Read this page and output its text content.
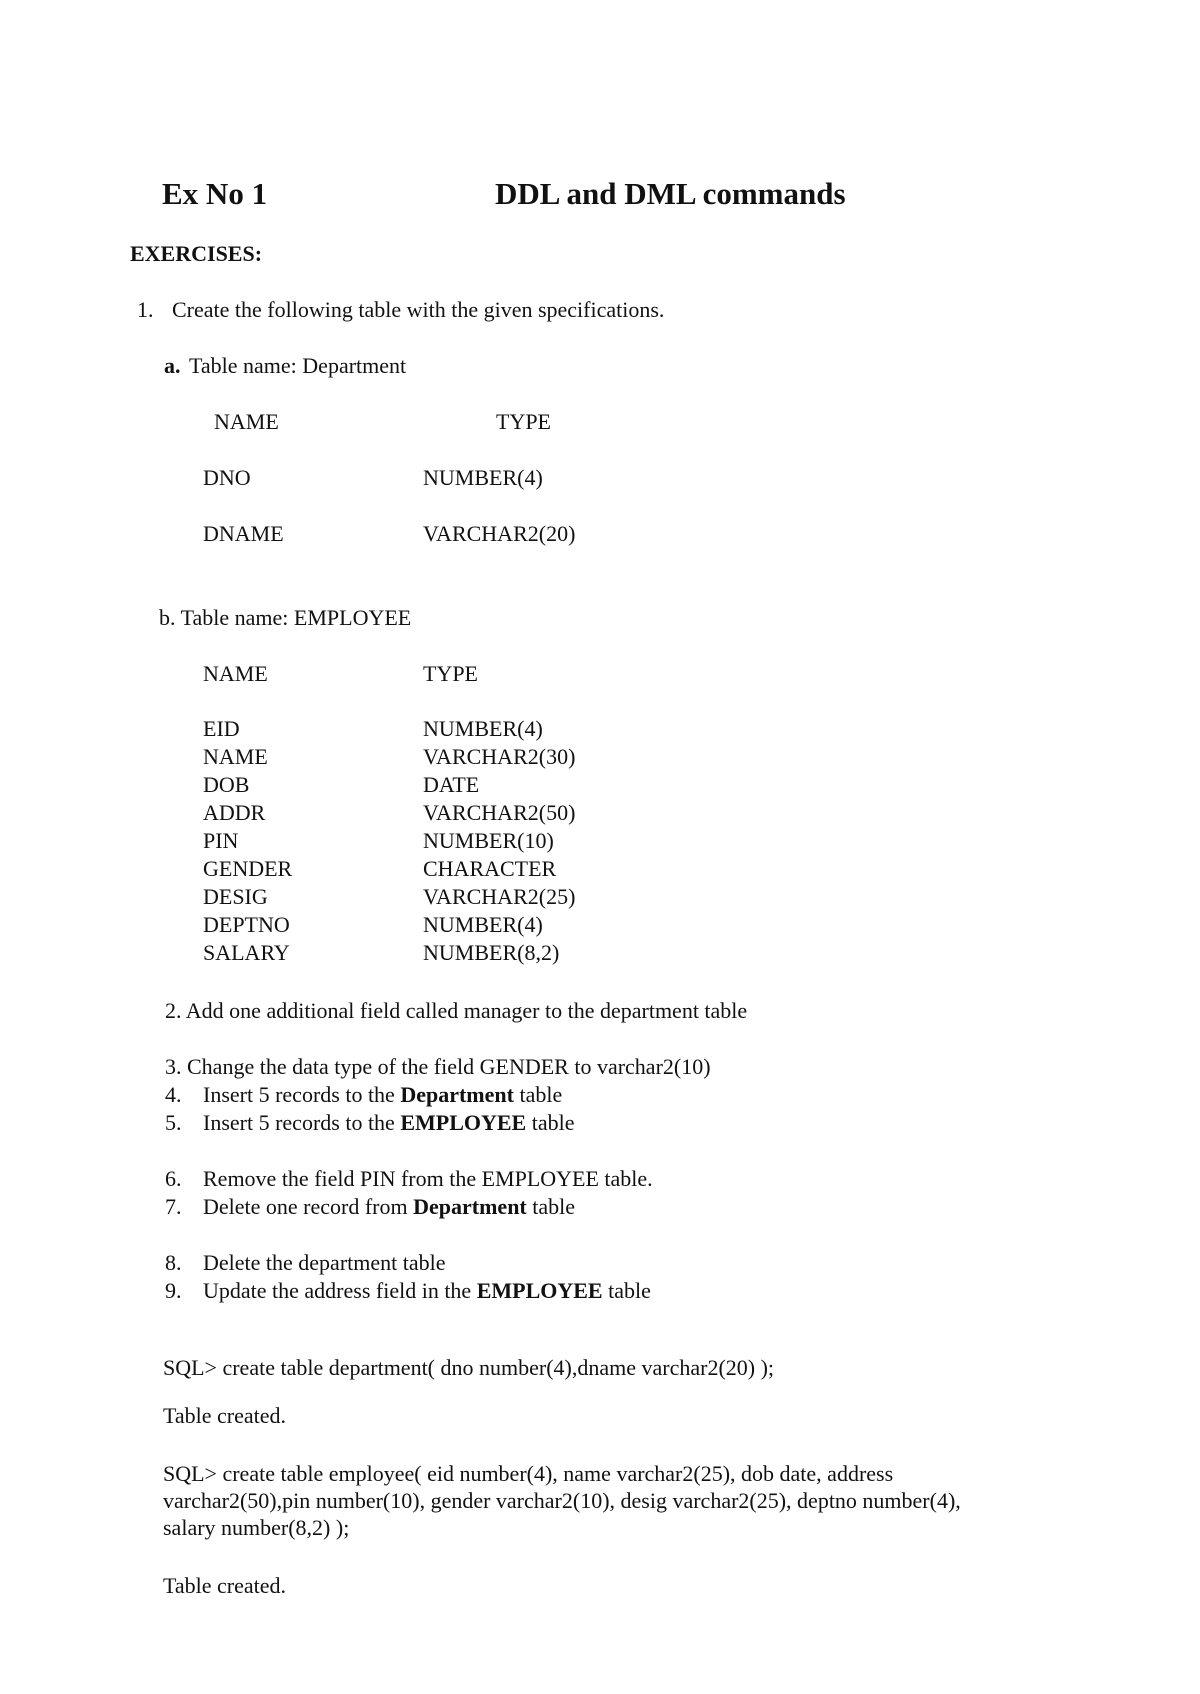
Ex No 1	DDL and DML commands
EXERCISES:
1. Create the following table with the given specifications.
a. Table name: Department
NAME	TYPE
DNO	NUMBER(4)
DNAME	VARCHAR2(20)
b. Table name: EMPLOYEE
NAME	TYPE
EID	NUMBER(4)
NAME	VARCHAR2(30)
DOB	DATE
ADDR	VARCHAR2(50)
PIN	NUMBER(10)
GENDER	CHARACTER
DESIG	VARCHAR2(25)
DEPTNO	NUMBER(4)
SALARY	NUMBER(8,2)
2. Add one additional field called manager to the department table
3. Change the data type of the field GENDER to varchar2(10)
4. Insert 5 records to the Department table
5. Insert 5 records to the EMPLOYEE table
6. Remove the field PIN from the EMPLOYEE table.
7. Delete one record from Department table
8. Delete the department table
9. Update the address field in the EMPLOYEE table
SQL> create table department( dno number(4),dname varchar2(20) );
Table created.
SQL> create table employee( eid number(4), name varchar2(25), dob date, address
varchar2(50),pin number(10), gender varchar2(10), desig varchar2(25), deptno number(4),
salary number(8,2) );
Table created.
